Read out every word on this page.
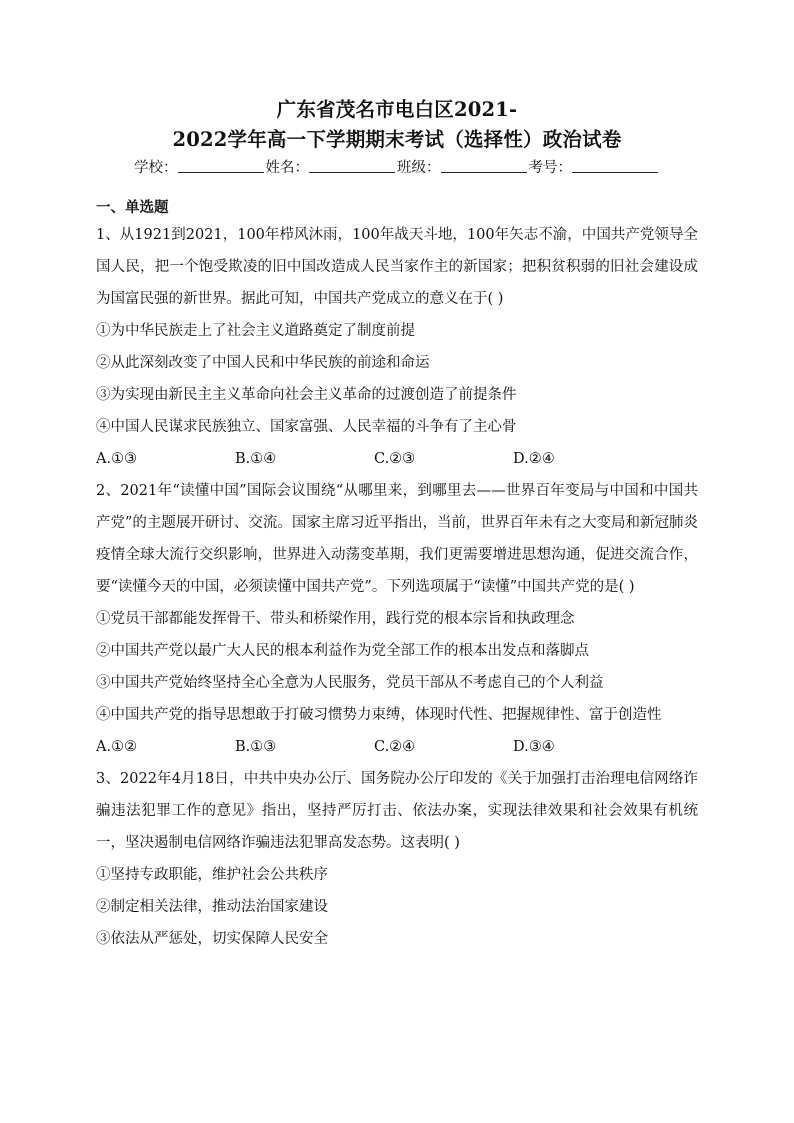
广东省茂名市电白区2021-
2022学年高一下学期期末考试（选择性）政治试卷
学校：	姓名：	班级：	考号：
一、单选题

1、从1921到2021，100年栉风沐雨，100年战天斗地，100年矢志不渝，中国共产党领导全国人民，把一个饱受欺凌的旧中国改造成人民当家作主的新国家；把积贫积弱的旧社会建设成为国富民强的新世界。据此可知，中国共产党成立的意义在于( )

①为中华民族走上了社会主义道路奠定了制度前提

②从此深刻改变了中国人民和中华民族的前途和命运

③为实现由新民主主义革命向社会主义革命的过渡创造了前提条件

④中国人民谋求民族独立、国家富强、人民幸福的斗争有了主心骨

A.①③	B.①④	C.②③	D.②④

2、2021年“读懂中国”国际会议围绕“从哪里来，到哪里去——世界百年变局与中国和中国共产党”的主题展开研讨、交流。国家主席习近平指出，当前，世界百年未有之大变局和新冠肺炎疫情全球大流行交织影响，世界进入动荡变革期，我们更需要增进思想沟通，促进交流合作，要“读懂今天的中国，必须读懂中国共产党”。下列选项属于“读懂”中国共产党的是( )

①党员干部都能发挥骨干、带头和桥梁作用，践行党的根本宗旨和执政理念

②中国共产党以最广大人民的根本利益作为党全部工作的根本出发点和落脚点

③中国共产党始终坚持全心全意为人民服务，党员干部从不考虑自己的个人利益

④中国共产党的指导思想敢于打破习惯势力束缚，体现时代性、把握规律性、富于创造性

A.①②	B.①③	C.②④	D.③④

3、2022年4月18日，中共中央办公厅、国务院办公厅印发的《关于加强打击治理电信网络诈骗违法犯罪工作的意见》指出，坚持严厉打击、依法办案，实现法律效果和社会效果有机统一，坚决遏制电信网络诈骗违法犯罪高发态势。这表明( )

①坚持专政职能，维护社会公共秩序

②制定相关法律，推动法治国家建设

③依法从严惩处，切实保障人民安全
